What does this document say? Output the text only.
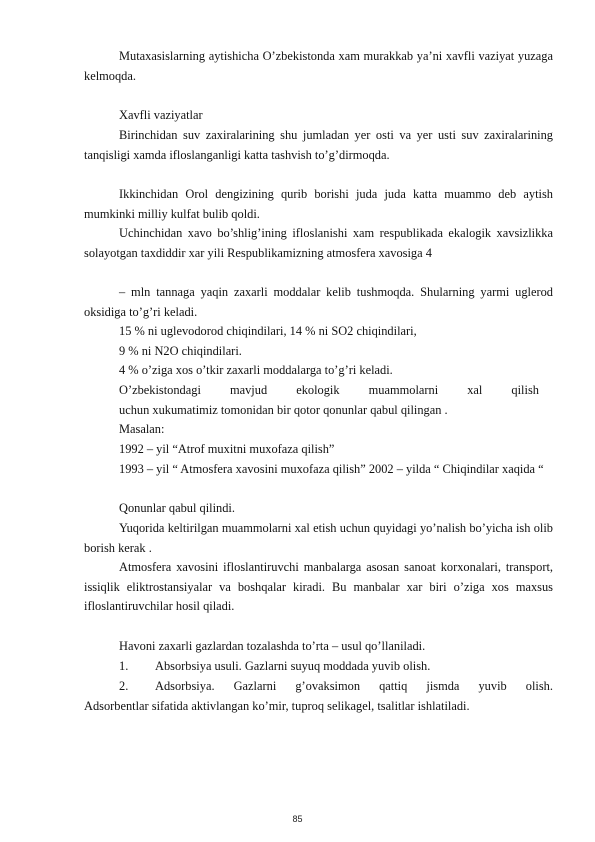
Mutaxasislarning aytishicha O’zbekistonda xam murakkab ya’ni xavfli vaziyat yuzaga kelmoqda.

Xavfli vaziyatlar

Birinchidan suv zaxiralarining shu jumladan yer osti va yer usti suv zaxiralarining tanqisligi xamda ifloslanganligi katta tashvish to’g’dirmoqda.

Ikkinchidan Orol dengizining qurib borishi juda juda katta muammo deb aytish mumkinki milliy kulfat bulib qoldi.

Uchinchidan xavo bo’shlig’ining ifloslanishi xam respublikada ekalogik xavsizlikka solayotgan taxdiddir xar yili Respublikamizning atmosfera xavosiga 4

– mln tannaga yaqin zaxarli moddalar kelib tushmoqda. Shularning yarmi uglerod oksidiga to’g’ri keladi.

15 % ni uglevodorod chiqindilari, 14 % ni SO2 chiqindilari,

9 % ni N2O chiqindilari.

4 % o’ziga xos o’tkir zaxarli moddalarga to’g’ri keladi.

O’zbekistondagi mavjud ekologik muammolarni xal qilish

uchun xukumatimiz tomonidan bir qotor qonunlar qabul qilingan .

Masalan:

1992 – yil “Atrof muxitni muxofaza qilish”

1993 – yil “ Atmosfera xavosini muxofaza qilish” 2002 – yilda “ Chiqindilar xaqida “

Qonunlar qabul qilindi.

Yuqorida keltirilgan muammolarni xal etish uchun quyidagi yo’nalish bo’yicha ish olib borish kerak .

Atmosfera xavosini ifloslantiruvchi manbalarga asosan sanoat korxonalari, transport, issiqlik eliktrostansiyalar va boshqalar kiradi. Bu manbalar xar biri o’ziga xos maxsus ifloslantiruvchilar hosil qiladi.

Havoni zaxarli gazlardan tozalashda to’rta – usul qo’llaniladi.

1. Absorbsiya usuli. Gazlarni suyuq moddada yuvib olish.
2. Adsorbsiya. Gazlarni g’ovaksimon qattiq jismda yuvib olish.

Adsorbentlar sifatida aktivlangan ko’mir, tuproq selikagel, tsalitlar ishlatiladi.

85
